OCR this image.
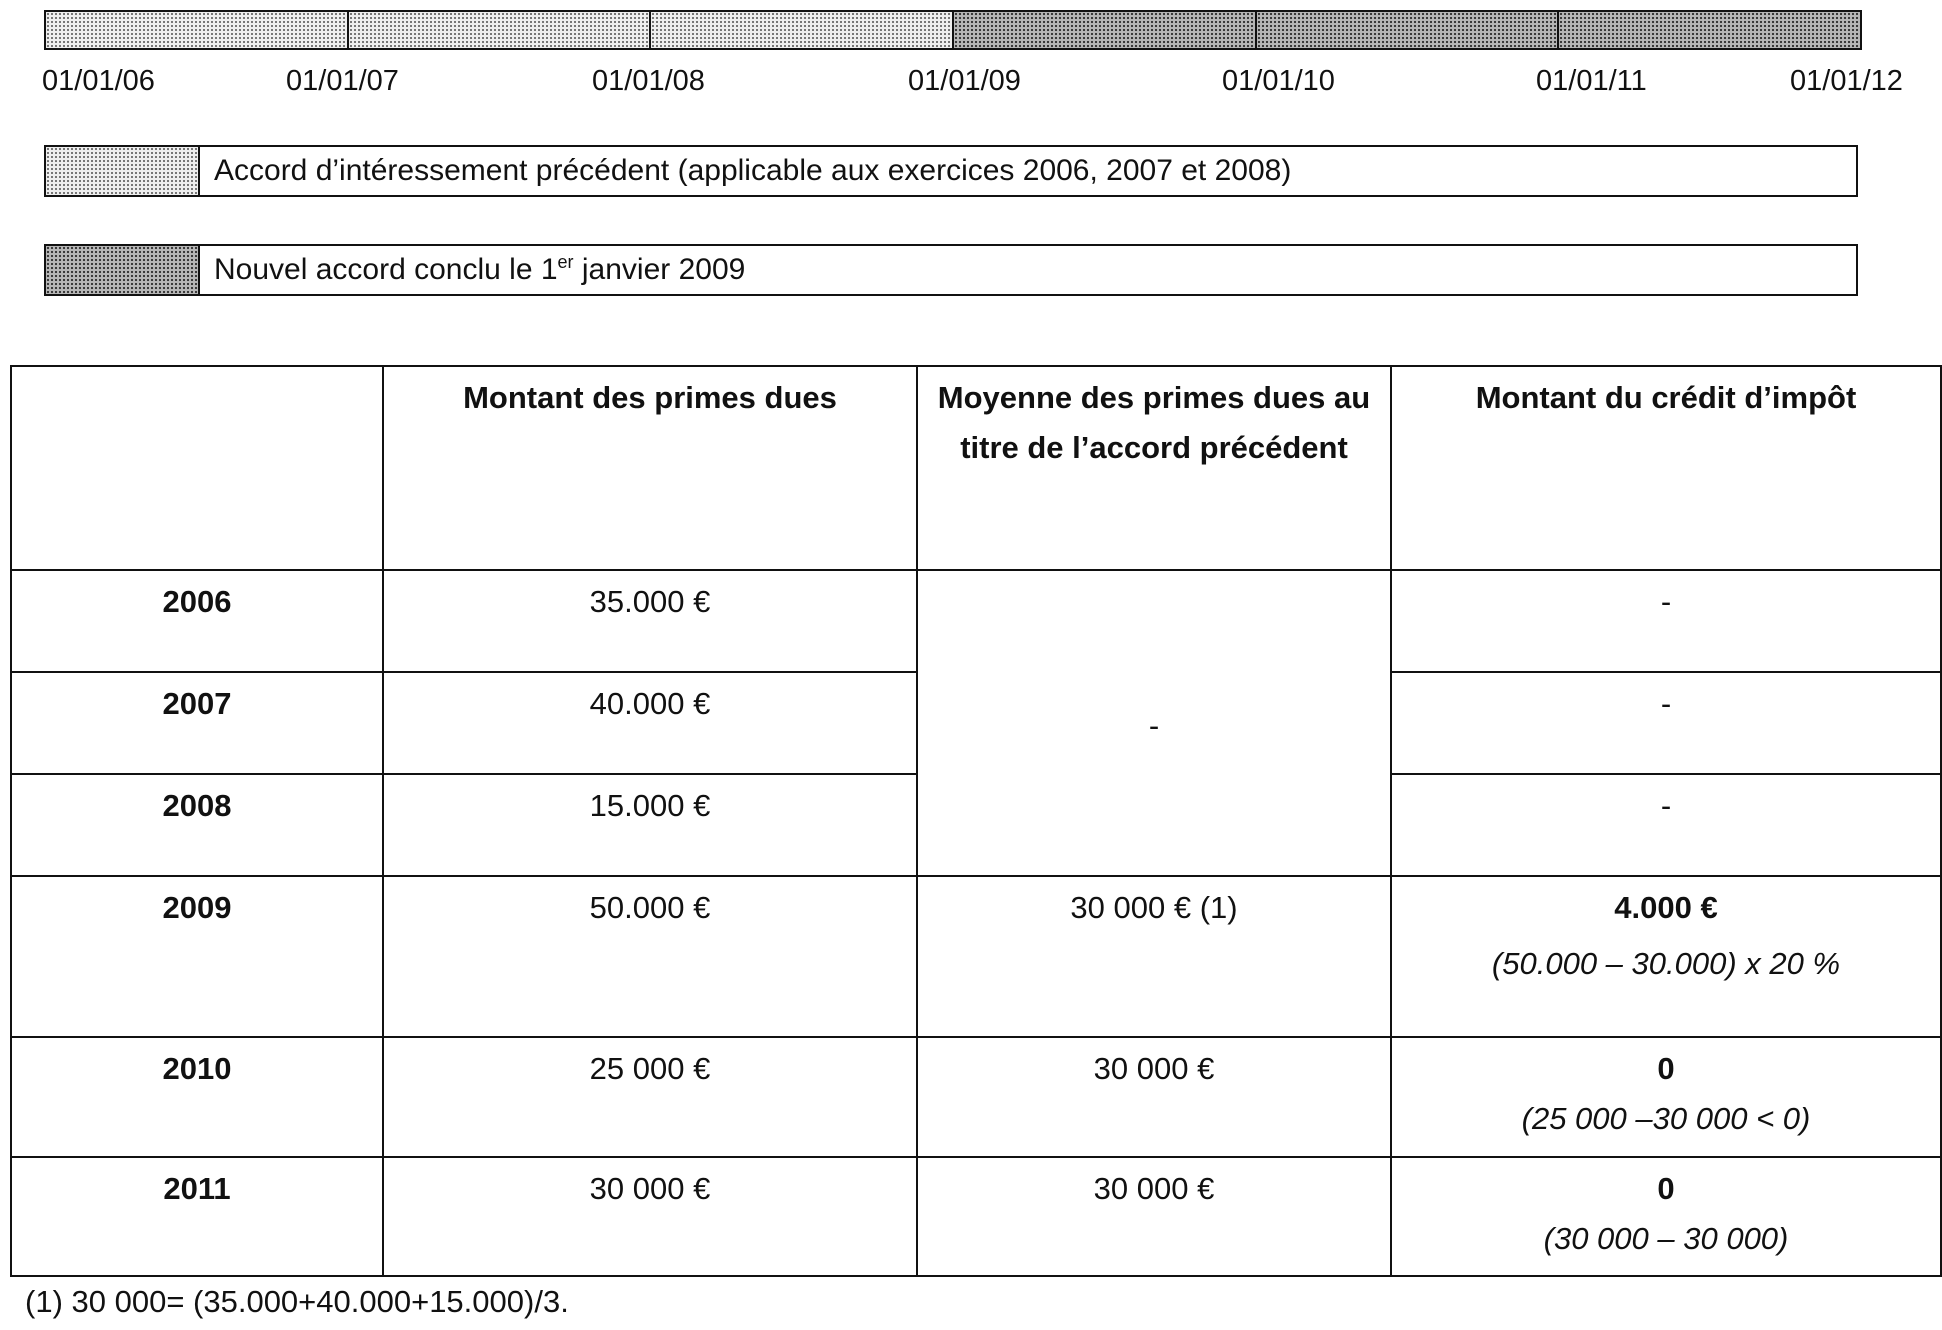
01/01/06	01/01/07	01/01/08	01/01/09	01/01/10	01/01/11	01/01/12
Accord d’intéressement précédent (applicable aux exercices 2006, 2007 et 2008)
Nouvel accord conclu le 1er janvier 2009
	Montant des primes dues	Moyenne des primes dues au titre de l’accord précédent	Montant du crédit d’impôt
2006	35.000 €	-	-
2007	40.000 €		-
2008	15.000 €		-
2009	50.000 €	30 000 € (1)	4.000 €
(50.000 – 30.000) x 20 %

2010	25 000 €	30 000 €	0
(25 000 –30 000 < 0)

2011	30 000 €	30 000 €	0
(30 000 – 30 000)
(1) 30 000= (35.000+40.000+15.000)/3.
